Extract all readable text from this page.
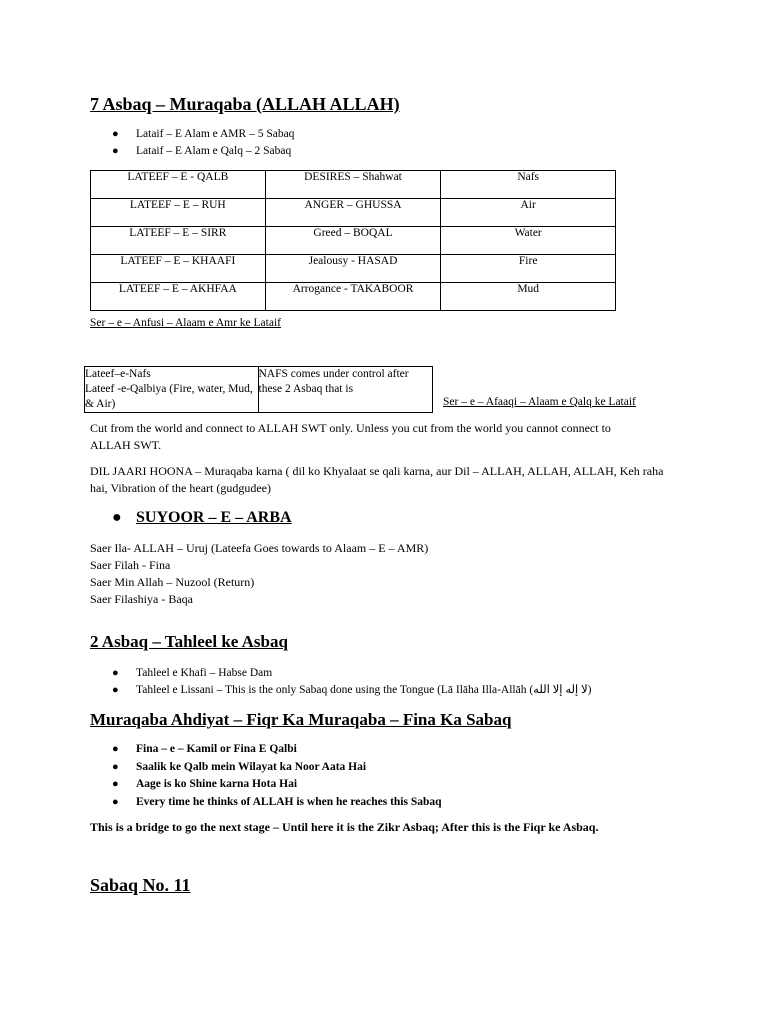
7 Asbaq – Muraqaba (ALLAH ALLAH)
● Lataif – E Alam e AMR – 5 Sabaq
● Lataif – E Alam e Qalq – 2 Sabaq
LATEEF – E - QALB	DESIRES – Shahwat	Nafs
LATEEF – E – RUH	ANGER – GHUSSA	Air
LATEEF – E – SIRR	Greed – BOQAL	Water
LATEEF – E – KHAAFI	Jealousy - HASAD	Fire
LATEEF – E – AKHFAA	Arrogance - TAKABOOR	Mud
Ser – e – Anfusi – Alaam e Amr ke Lataif
Lateef–e-Nafs
Lateef -e-Qalbiya (Fire, water, Mud, & Air)
	NAFS comes under control after these 2 Asbaq that is
Ser – e – Afaaqi – Alaam e Qalq ke Lataif
Cut from the world and connect to ALLAH SWT only. Unless you cut from the world you cannot connect to ALLAH SWT.
DIL JAARI HOONA – Muraqaba karna ( dil ko Khyalaat se qali karna, aur Dil – ALLAH, ALLAH, ALLAH, Keh raha hai, Vibration of the heart (gudgudee)
● SUYOOR – E – ARBA
Saer Ila- ALLAH – Uruj (Lateefa Goes towards to Alaam – E – AMR)
Saer Filah - Fina
Saer Min Allah – Nuzool (Return)
Saer Filashiya - Baqa
2 Asbaq – Tahleel ke Asbaq
● Tahleel e Khafi – Habse Dam
● Tahleel e Lissani – This is the only Sabaq done using the Tongue (Lā Ilāha Illa-Allāh (لا إله إلا الله)
Muraqaba Ahdiyat – Fiqr Ka Muraqaba – Fina Ka Sabaq
● Fina – e – Kamil or Fina E Qalbi
● Saalik ke Qalb mein Wilayat ka Noor Aata Hai
● Aage is ko Shine karna Hota Hai
● Every time he thinks of ALLAH is when he reaches this Sabaq
This is a bridge to go the next stage – Until here it is the Zikr Asbaq; After this is the Fiqr ke Asbaq.
Sabaq No. 11
